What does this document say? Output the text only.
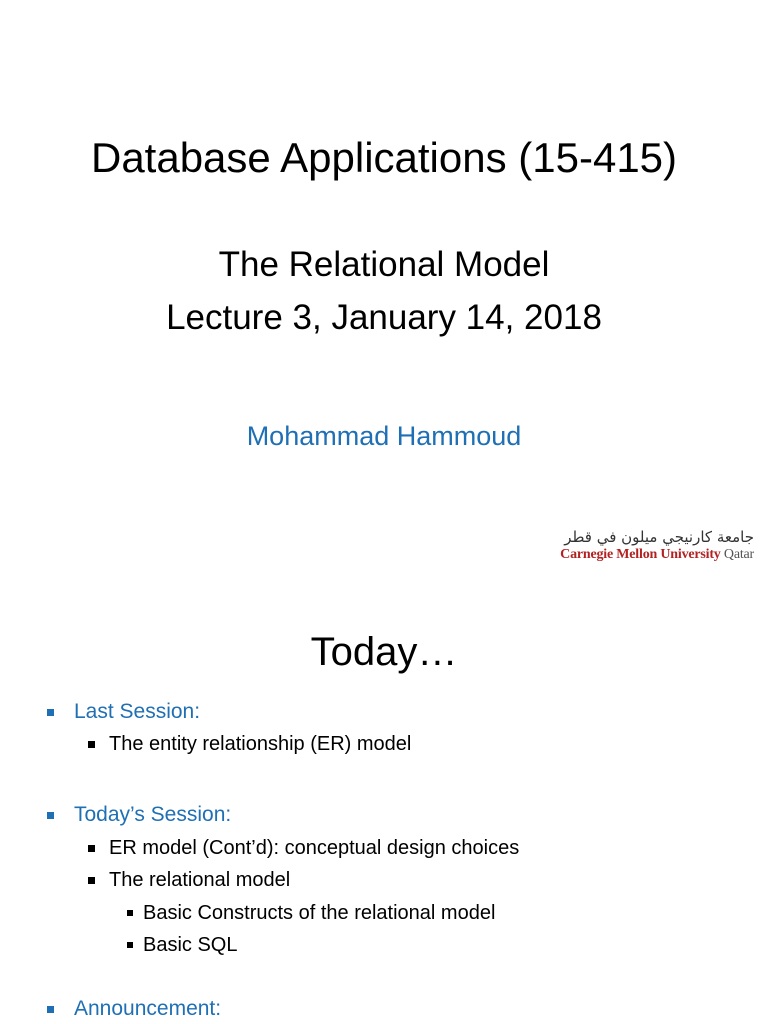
Database Applications (15-415)
The Relational Model
Lecture 3, January 14, 2018
Mohammad Hammoud
جامعة كارنيجي ميلون في قطر
Carnegie Mellon University Qatar
Today…
Last Session:
The entity relationship (ER) model
Today’s Session:
ER model (Cont’d): conceptual design choices
The relational model
Basic Constructs of the relational model
Basic SQL
Announcement:
